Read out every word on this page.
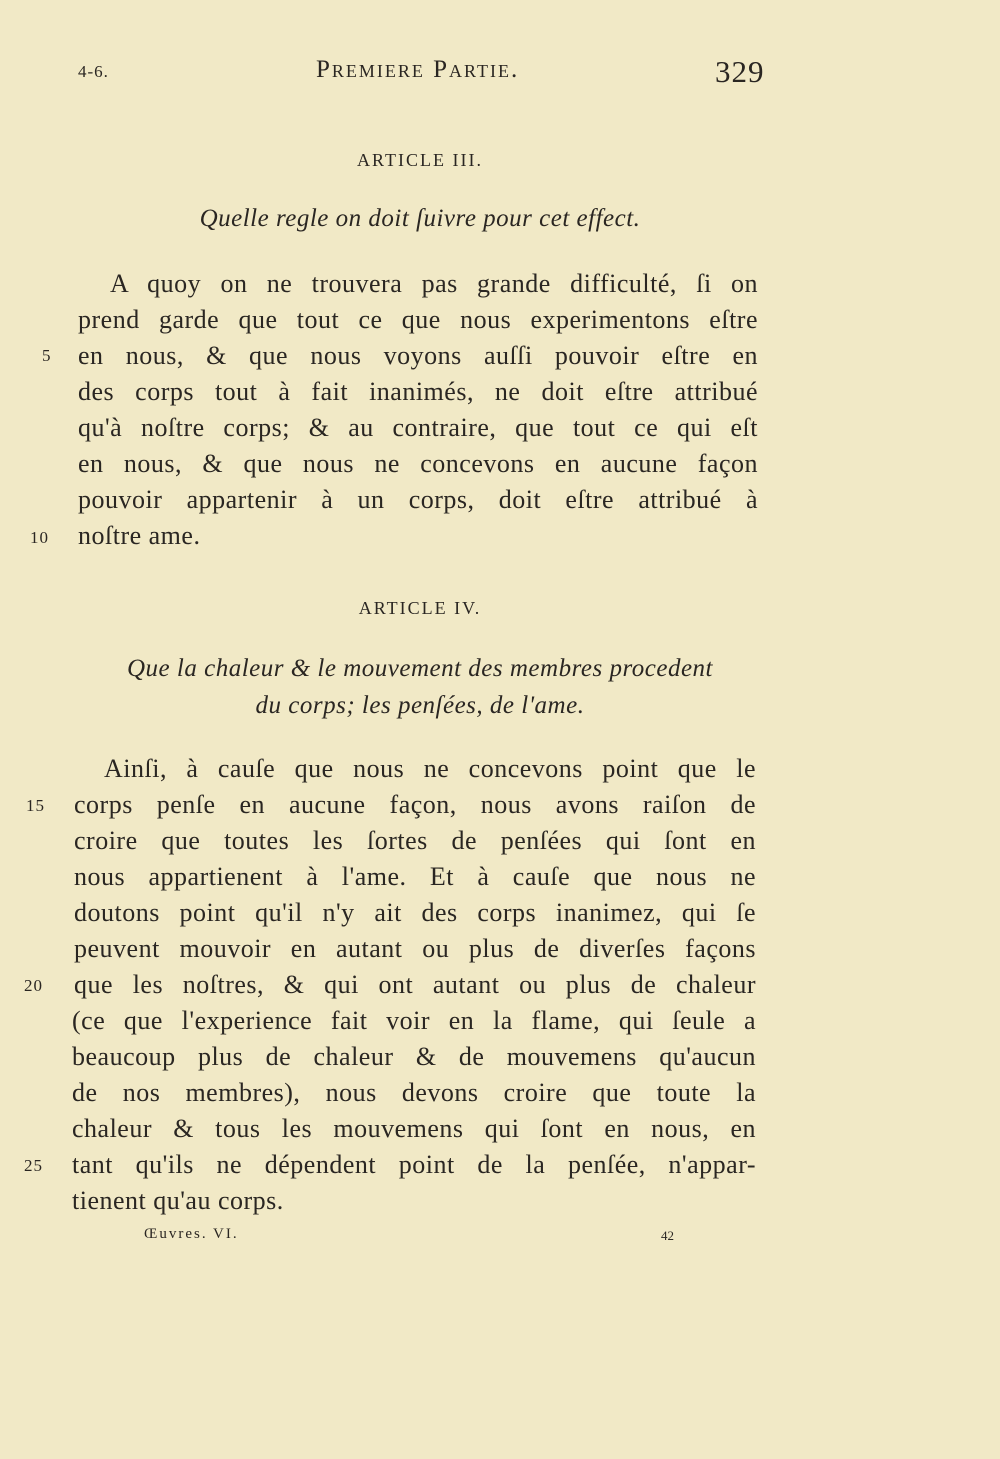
4-6.	Premiere Partie.	329
ARTICLE III.
Quelle regle on doit ſuivre pour cet effect.
A quoy on ne trouvera pas grande difficulté, ſi on
prend garde que tout ce que nous experimentons eſtre
5 en nous, & que nous voyons auſſi pouvoir eſtre en
des corps tout à fait inanimés, ne doit eſtre attribué
qu'à noſtre corps; & au contraire, que tout ce qui eſt
en nous, & que nous ne concevons en aucune façon
pouvoir appartenir à un corps, doit eſtre attribué à
10 noſtre ame.
ARTICLE IV.
Que la chaleur & le mouvement des membres procedent
du corps; les penſées, de l'ame.
Ainſi, à cauſe que nous ne concevons point que le
15 corps penſe en aucune façon, nous avons raiſon de
croire que toutes les ſortes de penſées qui ſont en
nous appartienent à l'ame. Et à cauſe que nous ne
doutons point qu'il n'y ait des corps inanimez, qui ſe
peuvent mouvoir en autant ou plus de diverſes façons
20 que les noſtres, & qui ont autant ou plus de chaleur
(ce que l'experience fait voir en la flame, qui ſeule a
beaucoup plus de chaleur & de mouvemens qu'aucun
de nos membres), nous devons croire que toute la
chaleur & tous les mouvemens qui ſont en nous, en
25 tant qu'ils ne dépendent point de la penſée, n'appar-
tienent qu'au corps.
Œuvres. VI.	42
